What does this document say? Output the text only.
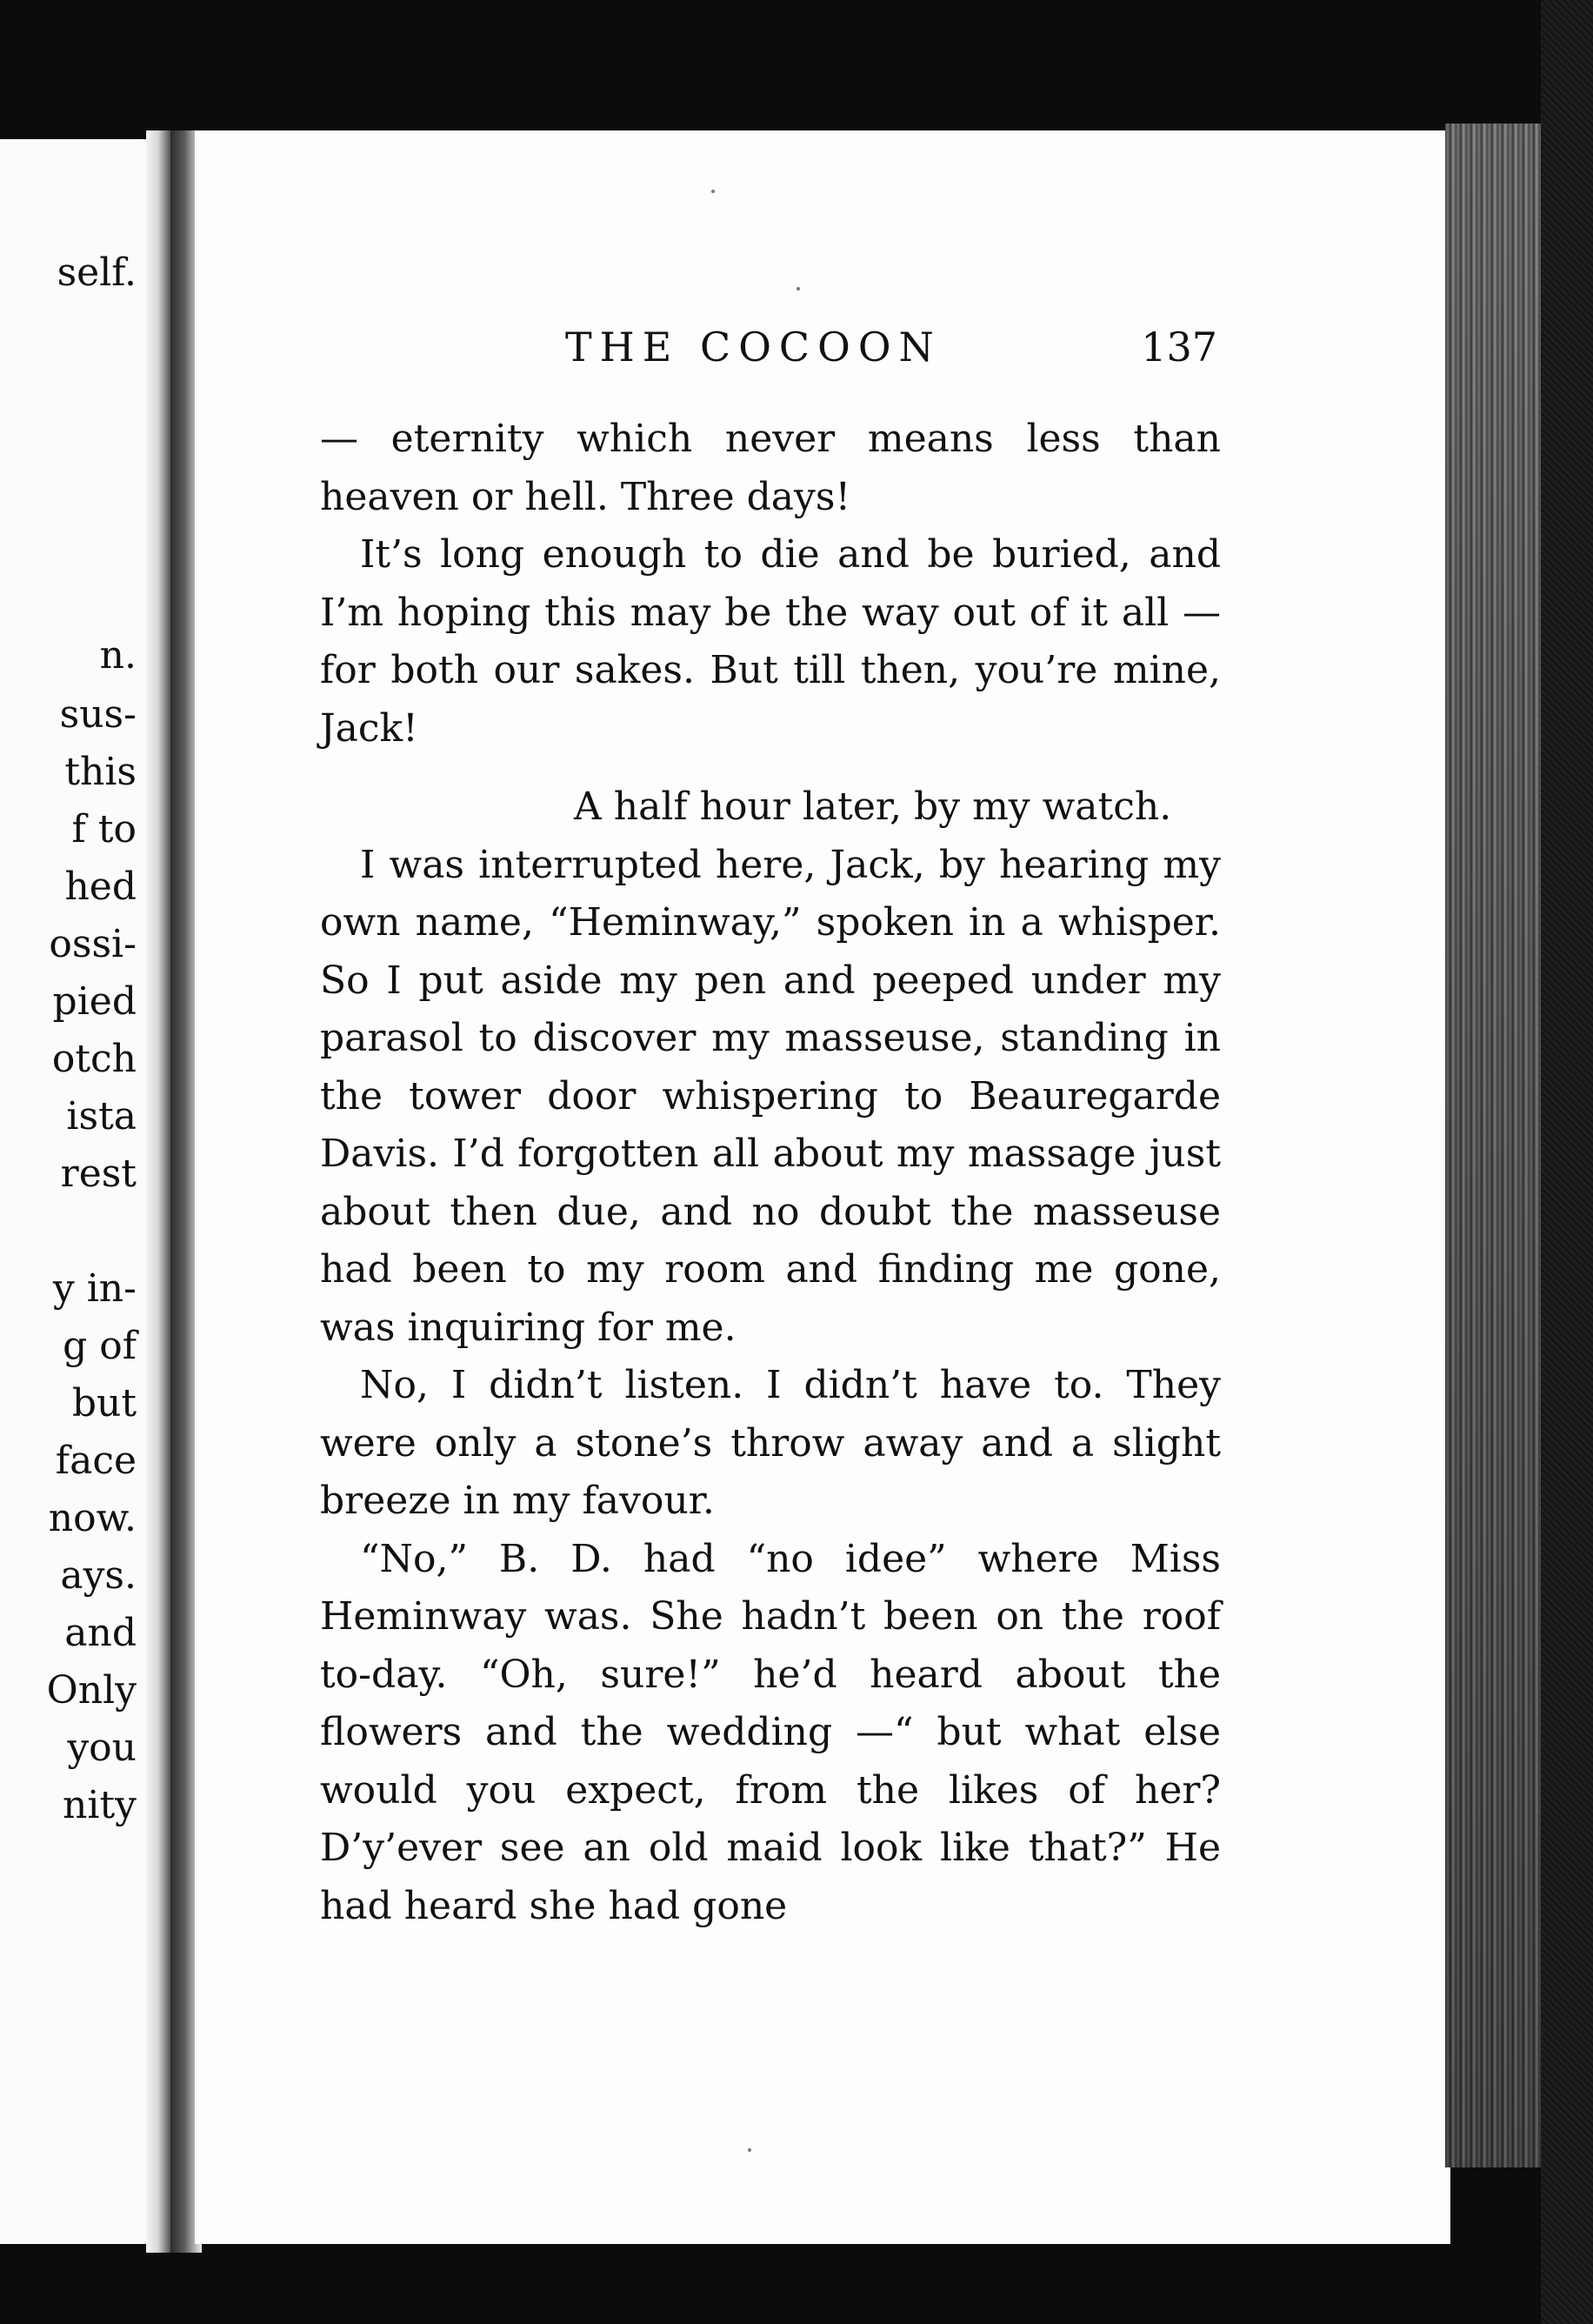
self.
n.
sus-
this
f to
hed
ossi-
pied
otch
ista
rest
y in-
g of
but
face
now.
ays.
and
Only
you
nity
THE COCOON	137

— eternity which never means less than heaven or hell. Three days!

It’s long enough to die and be buried, and I’m hoping this may be the way out of it all — for both our sakes. But till then, you’re mine, Jack!

A half hour later, by my watch.

I was interrupted here, Jack, by hearing my own name, “Heminway,” spoken in a whisper. So I put aside my pen and peeped under my parasol to discover my masseuse, standing in the tower door whispering to Beauregarde Davis. I’d forgotten all about my massage just about then due, and no doubt the masseuse had been to my room and finding me gone, was inquiring for me.

No, I didn’t listen. I didn’t have to. They were only a stone’s throw away and a slight breeze in my favour.

“No,” B. D. had “no idee” where Miss Heminway was. She hadn’t been on the roof to-day. “Oh, sure!” he’d heard about the flowers and the wedding —“ but what else would you expect, from the likes of her? D’y’ever see an old maid look like that?” He had heard she had gone
